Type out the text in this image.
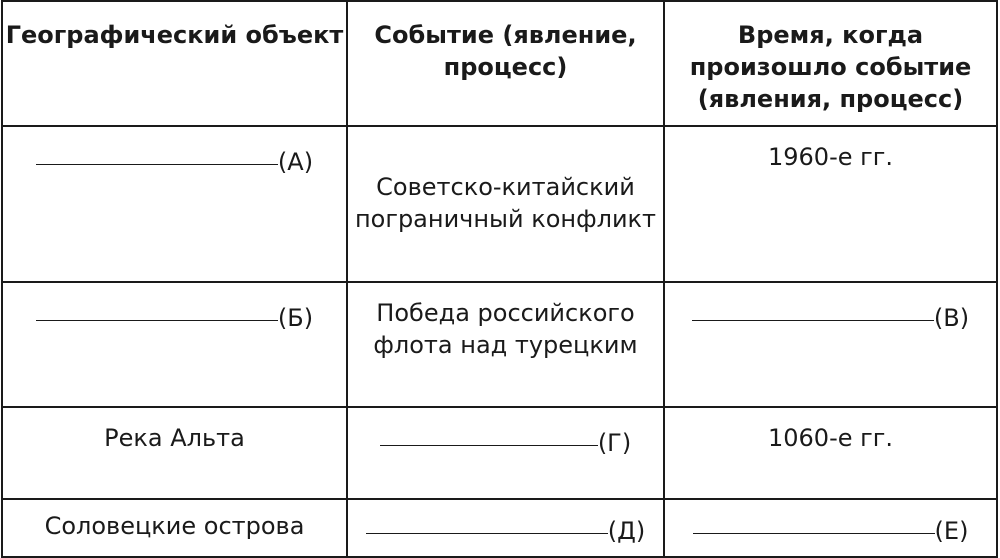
Географический объект	Событие (явление, процесс)	Время, когда произошло событие (явления, процесс)

(А)	Советско-китайский пограничный конфликт	1960-е гг.

(Б)	Победа российского флота над турецким	(В)

Река Альта	(Г)	1060-е гг.

Соловецкие острова	(Д)	(Е)
